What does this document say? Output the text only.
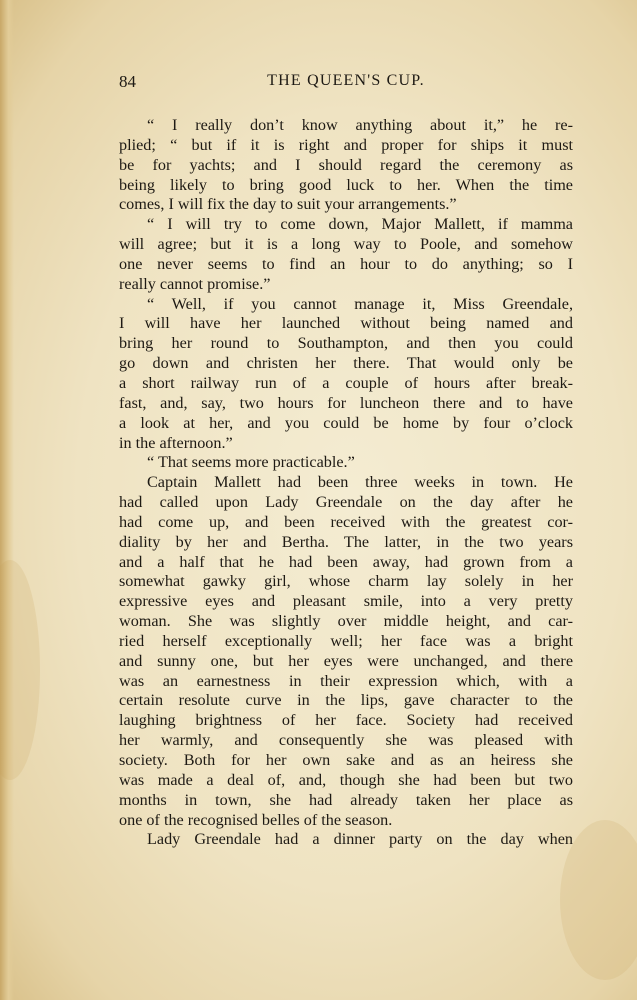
84	THE QUEEN'S CUP.
“ I really don’t know anything about it,” he re-
plied; “ but if it is right and proper for ships it must
be for yachts; and I should regard the ceremony as
being likely to bring good luck to her. When the time
comes, I will fix the day to suit your arrangements.”
“ I will try to come down, Major Mallett, if mamma
will agree; but it is a long way to Poole, and somehow
one never seems to find an hour to do anything; so I
really cannot promise.”
“ Well, if you cannot manage it, Miss Greendale,
I will have her launched without being named and
bring her round to Southampton, and then you could
go down and christen her there. That would only be
a short railway run of a couple of hours after break-
fast, and, say, two hours for luncheon there and to have
a look at her, and you could be home by four o’clock
in the afternoon.”
“ That seems more practicable.”
Captain Mallett had been three weeks in town. He
had called upon Lady Greendale on the day after he
had come up, and been received with the greatest cor-
diality by her and Bertha. The latter, in the two years
and a half that he had been away, had grown from a
somewhat gawky girl, whose charm lay solely in her
expressive eyes and pleasant smile, into a very pretty
woman. She was slightly over middle height, and car-
ried herself exceptionally well; her face was a bright
and sunny one, but her eyes were unchanged, and there
was an earnestness in their expression which, with a
certain resolute curve in the lips, gave character to the
laughing brightness of her face. Society had received
her warmly, and consequently she was pleased with
society. Both for her own sake and as an heiress she
was made a deal of, and, though she had been but two
months in town, she had already taken her place as
one of the recognised belles of the season.
Lady Greendale had a dinner party on the day when
